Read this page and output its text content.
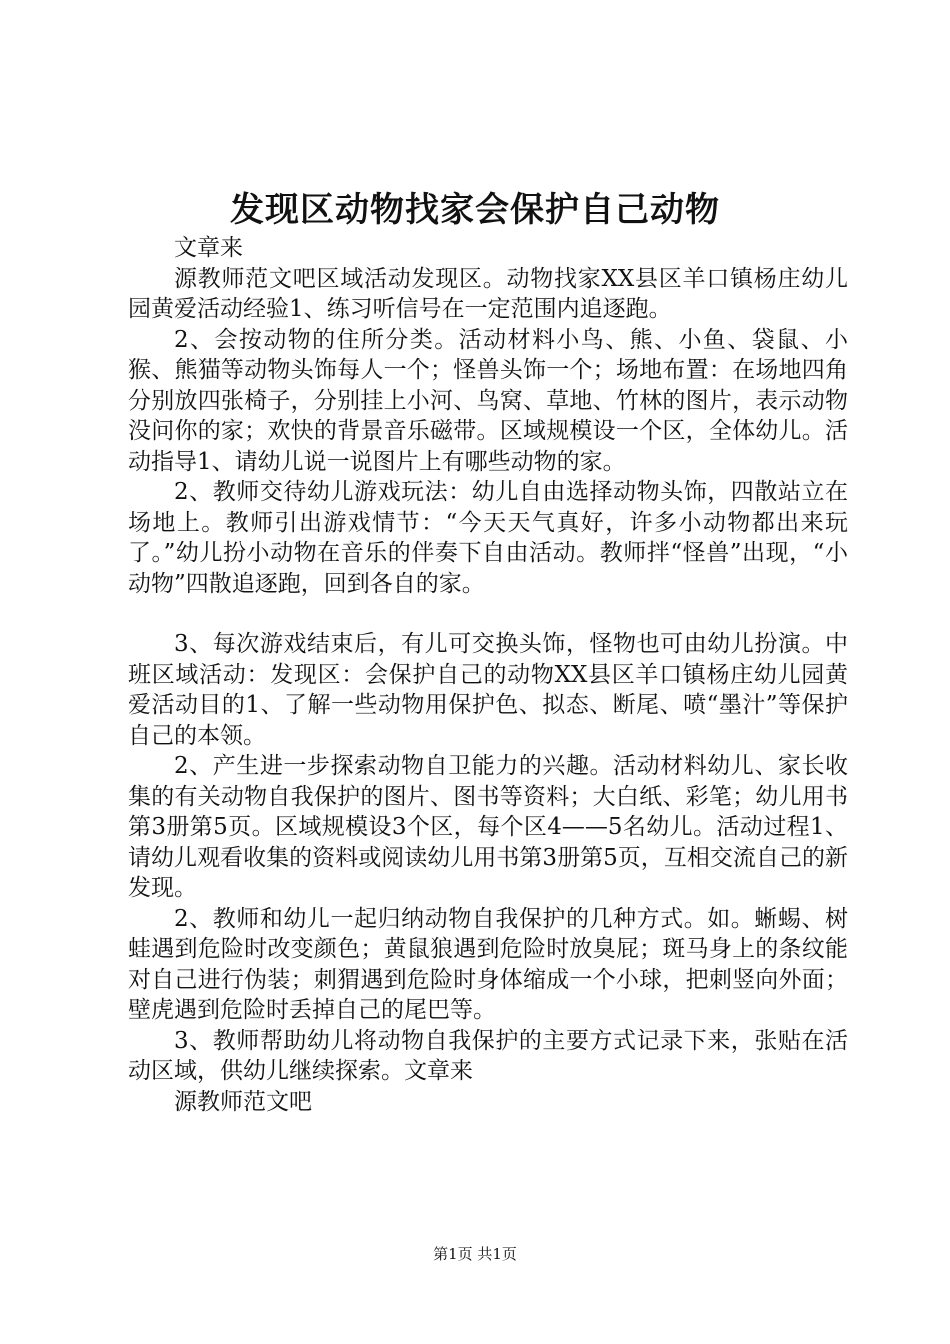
发现区动物找家会保护自己动物

文章来

源教师范文吧区域活动发现区。动物找家XX县区羊口镇杨庄幼儿园黄爱活动经验1、练习听信号在一定范围内追逐跑。

2、会按动物的住所分类。活动材料小鸟、熊、小鱼、袋鼠、小猴、熊猫等动物头饰每人一个；怪兽头饰一个；场地布置：在场地四角分别放四张椅子，分别挂上小河、鸟窝、草地、竹林的图片，表示动物没问你的家；欢快的背景音乐磁带。区域规模设一个区，全体幼儿。活动指导1、请幼儿说一说图片上有哪些动物的家。

2、教师交待幼儿游戏玩法：幼儿自由选择动物头饰，四散站立在场地上。教师引出游戏情节：“今天天气真好，许多小动物都出来玩了。”幼儿扮小动物在音乐的伴奏下自由活动。教师拌“怪兽”出现，“小动物”四散追逐跑，回到各自的家。

3、每次游戏结束后，有儿可交换头饰，怪物也可由幼儿扮演。中班区域活动：发现区：会保护自己的动物XX县区羊口镇杨庄幼儿园黄爱活动目的1、了解一些动物用保护色、拟态、断尾、喷“墨汁”等保护自己的本领。

2、产生进一步探索动物自卫能力的兴趣。活动材料幼儿、家长收集的有关动物自我保护的图片、图书等资料；大白纸、彩笔；幼儿用书第3册第5页。区域规模设3个区，每个区4——5名幼儿。活动过程1、请幼儿观看收集的资料或阅读幼儿用书第3册第5页，互相交流自己的新发现。

2、教师和幼儿一起归纳动物自我保护的几种方式。如。蜥蜴、树蛙遇到危险时改变颜色；黄鼠狼遇到危险时放臭屁；斑马身上的条纹能对自己进行伪装；刺猬遇到危险时身体缩成一个小球，把刺竖向外面；壁虎遇到危险时丢掉自己的尾巴等。

3、教师帮助幼儿将动物自我保护的主要方式记录下来，张贴在活动区域，供幼儿继续探索。文章来

源教师范文吧

第1页 共1页
